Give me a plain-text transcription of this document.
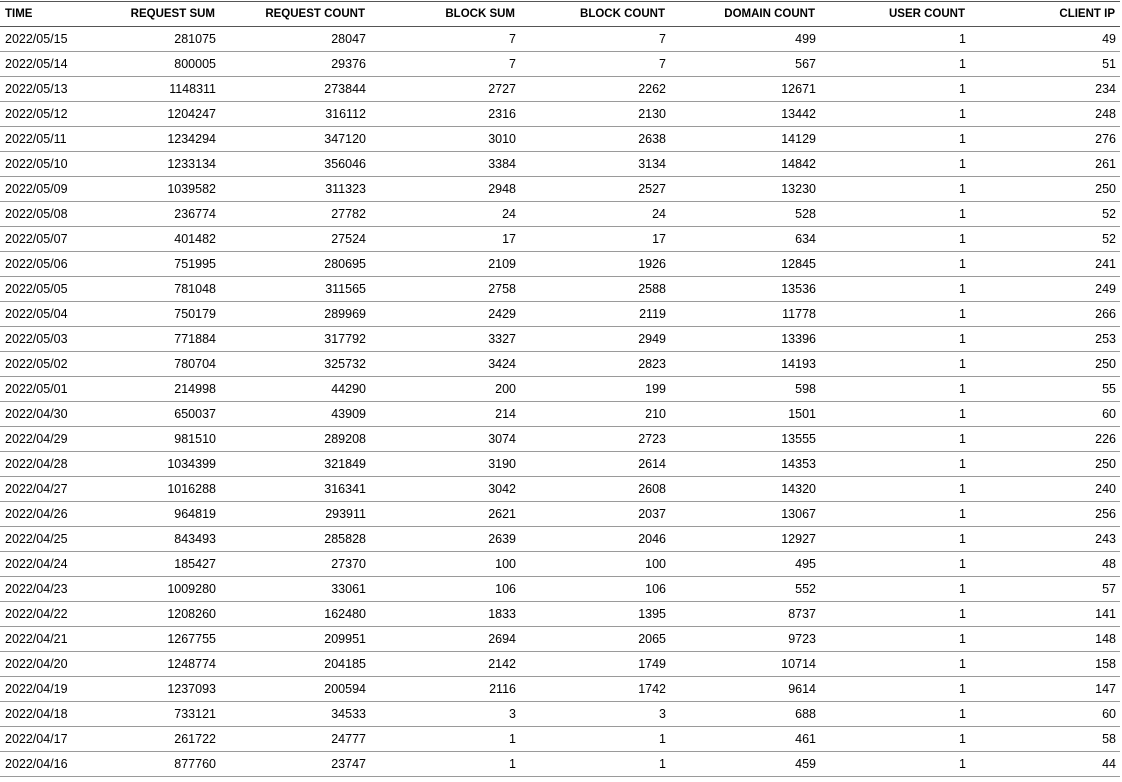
TIME	REQUEST SUM	REQUEST COUNT	BLOCK SUM	BLOCK COUNT	DOMAIN COUNT	USER COUNT	CLIENT IP
2022/05/15	281075	28047	7	7	499	1	49
2022/05/14	800005	29376	7	7	567	1	51
2022/05/13	1148311	273844	2727	2262	12671	1	234
2022/05/12	1204247	316112	2316	2130	13442	1	248
2022/05/11	1234294	347120	3010	2638	14129	1	276
2022/05/10	1233134	356046	3384	3134	14842	1	261
2022/05/09	1039582	311323	2948	2527	13230	1	250
2022/05/08	236774	27782	24	24	528	1	52
2022/05/07	401482	27524	17	17	634	1	52
2022/05/06	751995	280695	2109	1926	12845	1	241
2022/05/05	781048	311565	2758	2588	13536	1	249
2022/05/04	750179	289969	2429	2119	11778	1	266
2022/05/03	771884	317792	3327	2949	13396	1	253
2022/05/02	780704	325732	3424	2823	14193	1	250
2022/05/01	214998	44290	200	199	598	1	55
2022/04/30	650037	43909	214	210	1501	1	60
2022/04/29	981510	289208	3074	2723	13555	1	226
2022/04/28	1034399	321849	3190	2614	14353	1	250
2022/04/27	1016288	316341	3042	2608	14320	1	240
2022/04/26	964819	293911	2621	2037	13067	1	256
2022/04/25	843493	285828	2639	2046	12927	1	243
2022/04/24	185427	27370	100	100	495	1	48
2022/04/23	1009280	33061	106	106	552	1	57
2022/04/22	1208260	162480	1833	1395	8737	1	141
2022/04/21	1267755	209951	2694	2065	9723	1	148
2022/04/20	1248774	204185	2142	1749	10714	1	158
2022/04/19	1237093	200594	2116	1742	9614	1	147
2022/04/18	733121	34533	3	3	688	1	60
2022/04/17	261722	24777	1	1	461	1	58
2022/04/16	877760	23747	1	1	459	1	44
